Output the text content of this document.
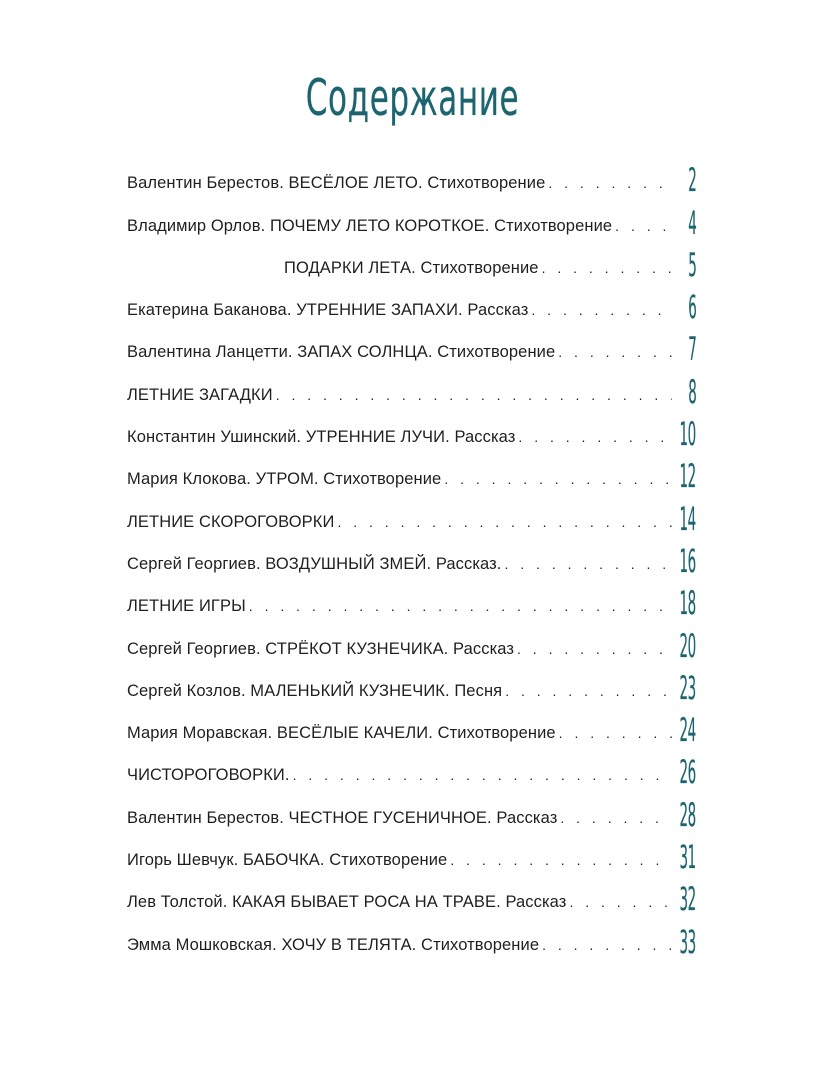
Содержание
Валентин Берестов. ВЕСЁЛОЕ ЛЕТО. Стихотворение . . .	2
Владимир Орлов. ПОЧЕМУ ЛЕТО КОРОТКОЕ. Стихотворение . . . 4
ПОДАРКИ ЛЕТА. Стихотворение . . .	5
Екатерина Баканова. УТРЕННИЕ ЗАПАХИ. Рассказ . . .	6
Валентина Ланцетти. ЗАПАХ СОЛНЦА. Стихотворение . . .	7
ЛЕТНИЕ ЗАГАДКИ . . .	8
Константин Ушинский. УТРЕННИЕ ЛУЧИ. Рассказ . . .	10
Мария Клокова. УТРОМ. Стихотворение . . .	12
ЛЕТНИЕ СКОРОГОВОРКИ . . .	14
Сергей Георгиев. ВОЗДУШНЫЙ ЗМЕЙ. Рассказ. . . .	16
ЛЕТНИЕ ИГРЫ . . .	18
Сергей Георгиев. СТРЁКОТ КУЗНЕЧИКА. Рассказ . . .	20
Сергей Козлов. МАЛЕНЬКИЙ КУЗНЕЧИК. Песня . . .	23
Мария Моравская. ВЕСЁЛЫЕ КАЧЕЛИ. Стихотворение . . .	24
ЧИСТОРОГОВОРКИ. . . .	26
Валентин Берестов. ЧЕСТНОЕ ГУСЕНИЧНОЕ. Рассказ . . .	28
Игорь Шевчук. БАБОЧКА. Стихотворение . . .	31
Лев Толстой. КАКАЯ БЫВАЕТ РОСА НА ТРАВЕ. Рассказ . . .	32
Эмма Мошковская. ХОЧУ В ТЕЛЯТА. Стихотворение . . .	33
